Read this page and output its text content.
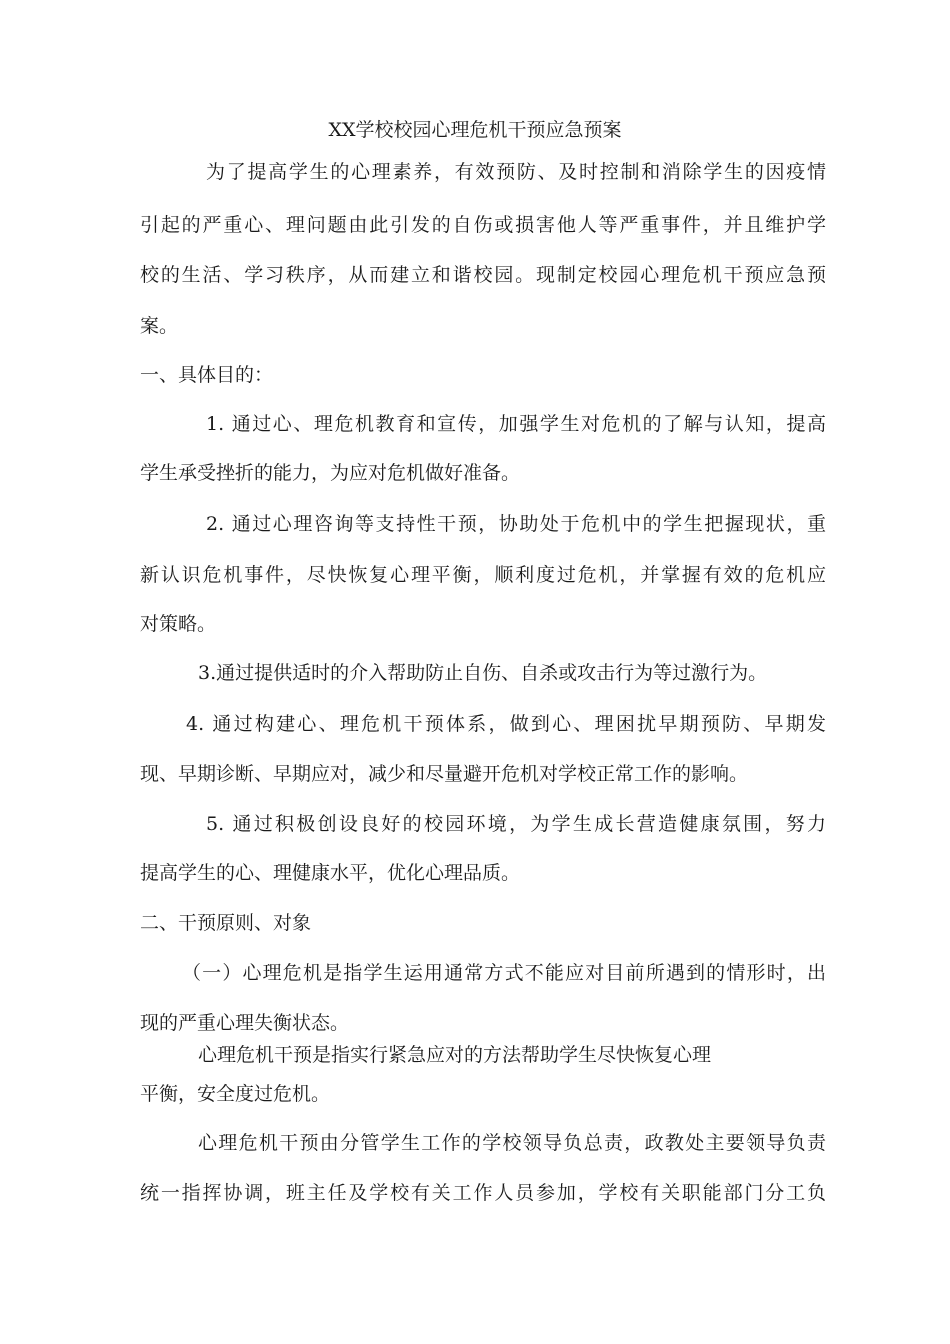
XX学校校园心理危机干预应急预案

为了提高学生的心理素养，有效预防、及时控制和消除学生的因疫情

引起的严重心、理问题由此引发的自伤或损害他人等严重事件，并且维护学

校的生活、学习秩序，从而建立和谐校园。现制定校园心理危机干预应急预

案。

一、具体目的：

1. 通过心、理危机教育和宣传，加强学生对危机的了解与认知，提高

学生承受挫折的能力，为应对危机做好准备。

2. 通过心理咨询等支持性干预，协助处于危机中的学生把握现状，重

新认识危机事件，尽快恢复心理平衡，顺利度过危机，并掌握有效的危机应

对策略。

3.通过提供适时的介入帮助防止自伤、自杀或攻击行为等过激行为。

4. 通过构建心、理危机干预体系，做到心、理困扰早期预防、早期发

现、早期诊断、早期应对，减少和尽量避开危机对学校正常工作的影响。

5. 通过积极创设良好的校园环境，为学生成长营造健康氛围，努力

提高学生的心、理健康水平，优化心理品质。

二、干预原则、对象

（一）心理危机是指学生运用通常方式不能应对目前所遇到的情形时，出

现的严重心理失衡状态。

心理危机干预是指实行紧急应对的方法帮助学生尽快恢复心理

平衡，安全度过危机。

心理危机干预由分管学生工作的学校领导负总责，政教处主要领导负责

统一指挥协调，班主任及学校有关工作人员参加，学校有关职能部门分工负
